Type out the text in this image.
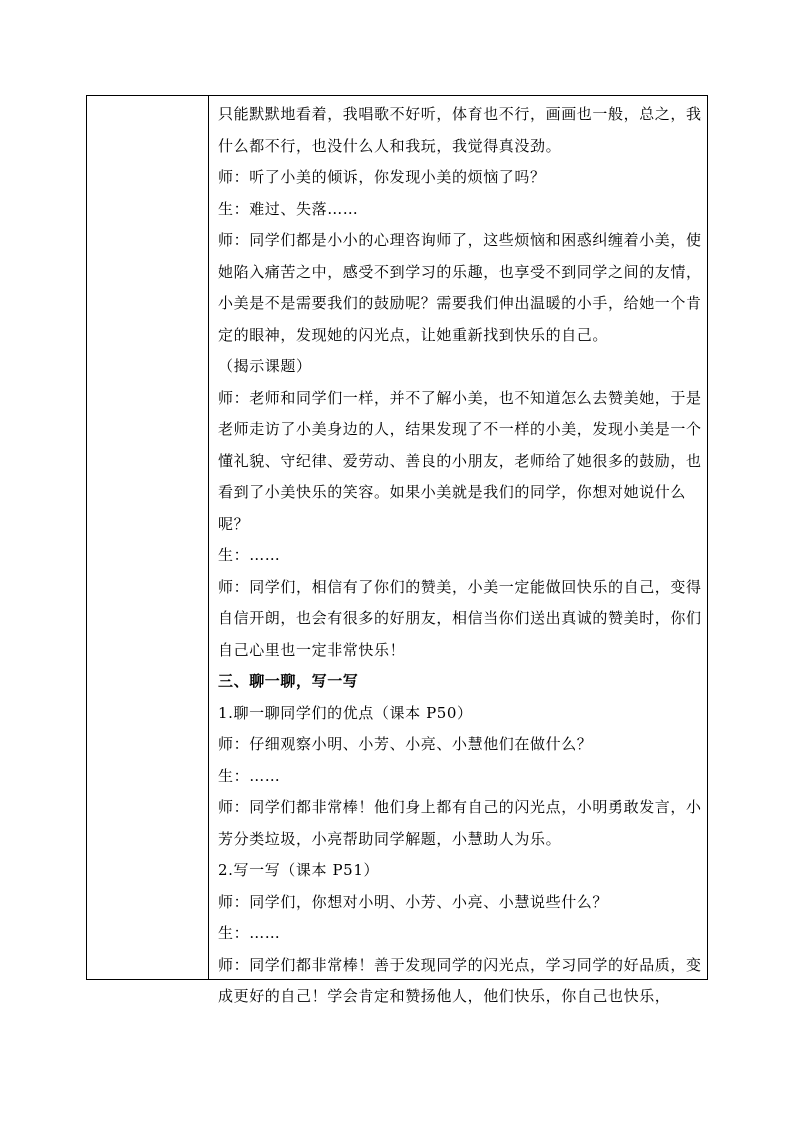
只能默默地看着，我唱歌不好听，体育也不行，画画也一般，总之，我什么都不行，也没什么人和我玩，我觉得真没劲。

师：听了小美的倾诉，你发现小美的烦恼了吗？

生：难过、失落……

师：同学们都是小小的心理咨询师了，这些烦恼和困惑纠缠着小美，使她陷入痛苦之中，感受不到学习的乐趣，也享受不到同学之间的友情，小美是不是需要我们的鼓励呢？需要我们伸出温暖的小手，给她一个肯定的眼神，发现她的闪光点，让她重新找到快乐的自己。

（揭示课题）

师：老师和同学们一样，并不了解小美，也不知道怎么去赞美她，于是老师走访了小美身边的人，结果发现了不一样的小美，发现小美是一个懂礼貌、守纪律、爱劳动、善良的小朋友，老师给了她很多的鼓励，也看到了小美快乐的笑容。如果小美就是我们的同学，你想对她说什么呢？

生：……

师：同学们，相信有了你们的赞美，小美一定能做回快乐的自己，变得自信开朗，也会有很多的好朋友，相信当你们送出真诚的赞美时，你们自己心里也一定非常快乐！

三、聊一聊，写一写

1.聊一聊同学们的优点（课本 P50）

师：仔细观察小明、小芳、小亮、小慧他们在做什么？

生：……

师：同学们都非常棒！他们身上都有自己的闪光点，小明勇敢发言，小芳分类垃圾，小亮帮助同学解题，小慧助人为乐。

2.写一写（课本 P51）

师：同学们，你想对小明、小芳、小亮、小慧说些什么？

生：……

师：同学们都非常棒！善于发现同学的闪光点，学习同学的好品质，变成更好的自己！学会肯定和赞扬他人，他们快乐，你自己也快乐，
